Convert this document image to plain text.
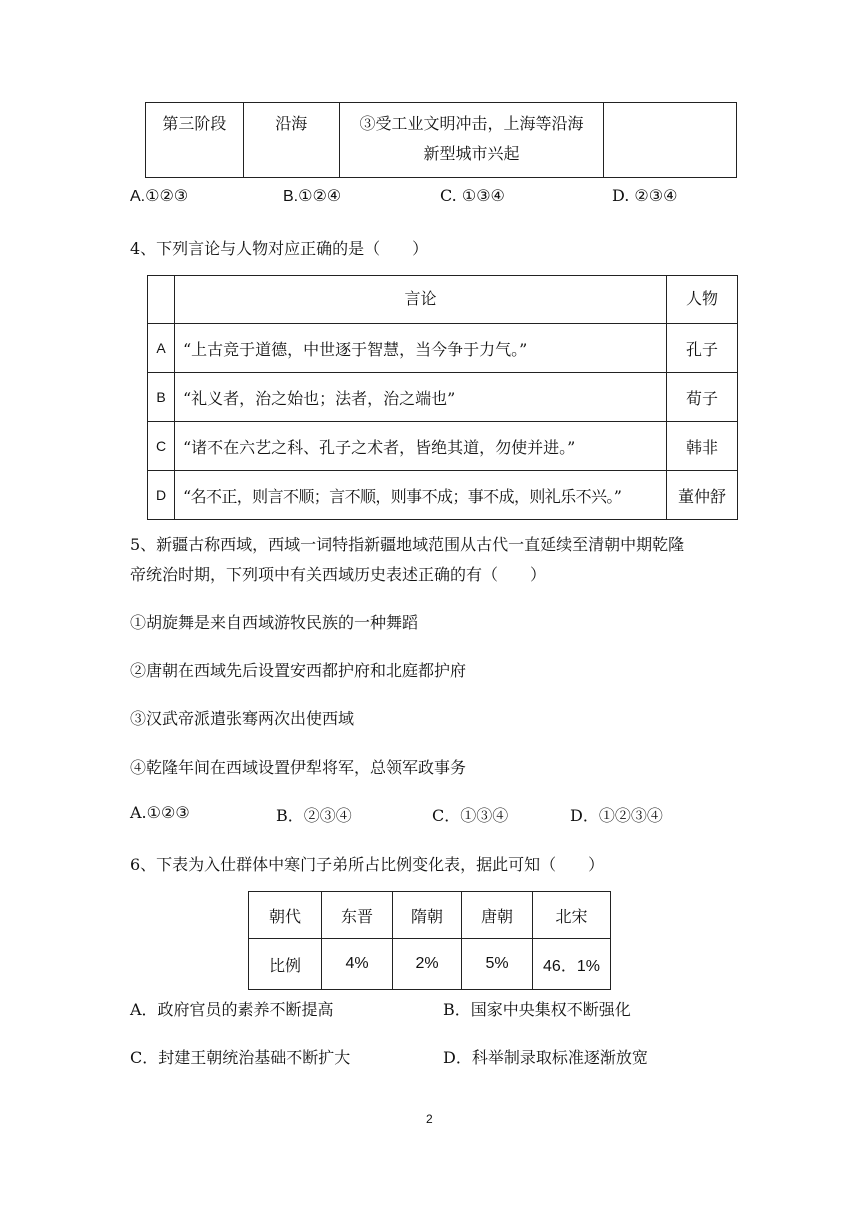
第三阶段	沿海	③受工业文明冲击，上海等沿海
新型城市兴起

A.①②③	B.①②④	C. ①③④	D. ②③④
4、下列言论与人物对应正确的是（　　）
	言论	人物
A	“上古竞于道德，中世逐于智慧，当今争于力气。”	孔子
B	“礼义者，治之始也；法者，治之端也”	荀子
C	“诸不在六艺之科、孔子之术者，皆绝其道，勿使并进。”	韩非
D	“名不正，则言不顺；言不顺，则事不成；事不成，则礼乐不兴。”	董仲舒
5、新疆古称西域，西域一词特指新疆地域范围从古代一直延续至清朝中期乾隆
帝统治时期，下列项中有关西域历史表述正确的有（　　）
①胡旋舞是来自西域游牧民族的一种舞蹈
②唐朝在西域先后设置安西都护府和北庭都护府
③汉武帝派遣张骞两次出使西域
④乾隆年间在西域设置伊犁将军，总领军政事务
A.①②③	B．②③④	C．①③④	D．①②③④
6、下表为入仕群体中寒门子弟所占比例变化表，据此可知（　　）
朝代	东晋	隋朝	唐朝	北宋
比例	4%	2%	5%	46．1%
A．政府官员的素养不断提高	B．国家中央集权不断强化
C．封建王朝统治基础不断扩大	D．科举制录取标准逐渐放宽
2
